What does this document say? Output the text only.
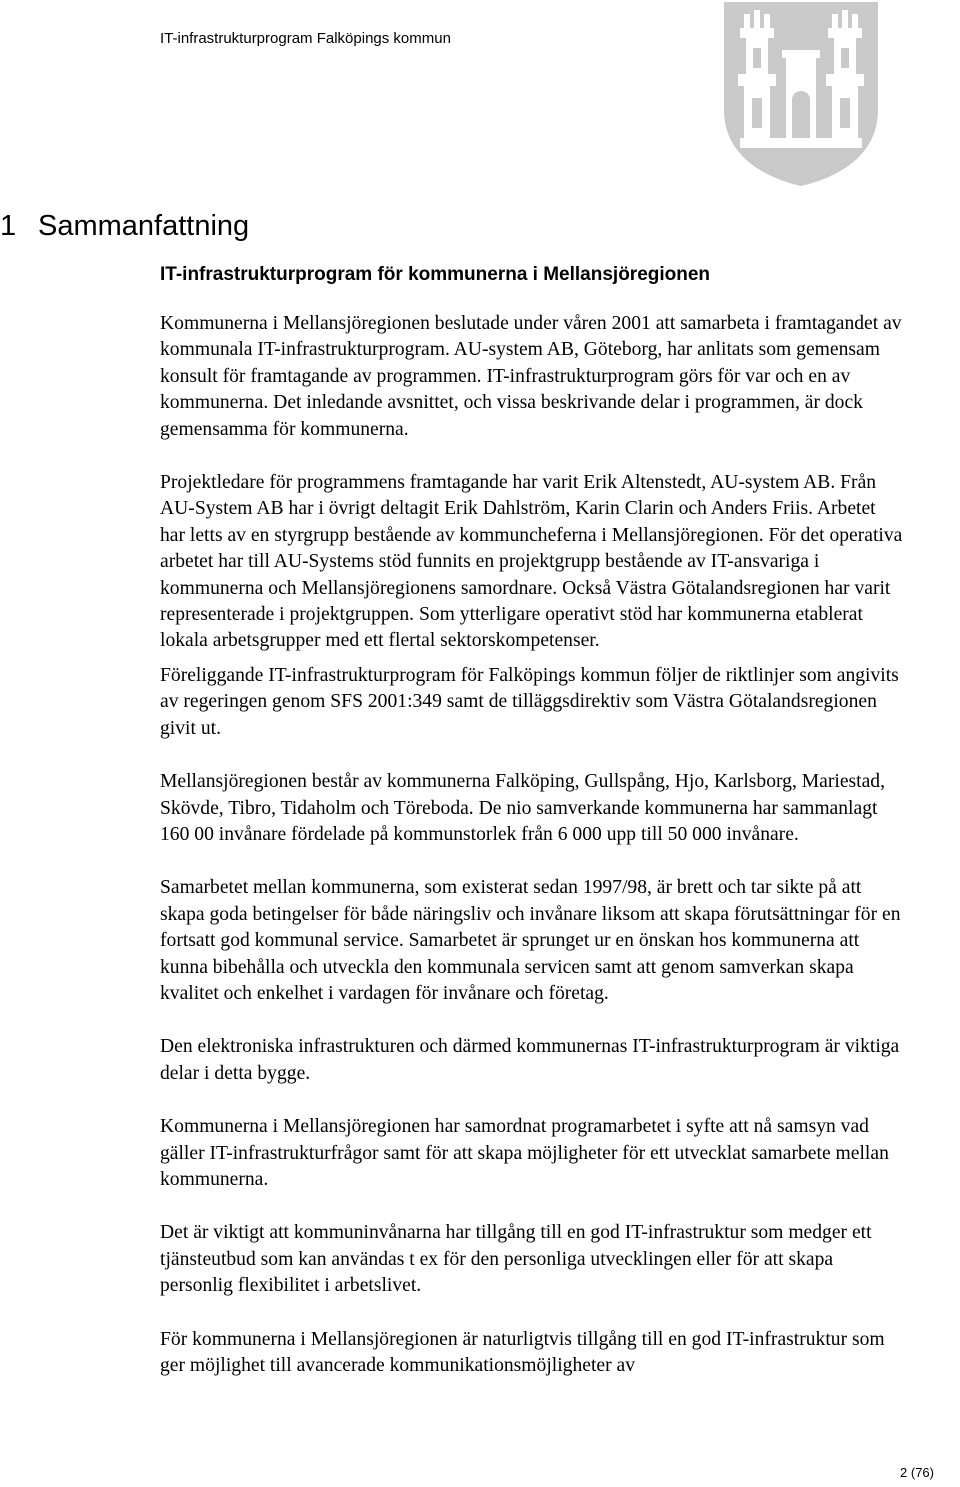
IT-infrastrukturprogram Falköpings kommun
1 Sammanfattning
IT-infrastrukturprogram för kommunerna i Mellansjöregionen

Kommunerna i Mellansjöregionen beslutade under våren 2001 att samarbeta i framtagandet av kommunala IT-infrastrukturprogram. AU-system AB, Göteborg, har anlitats som gemensam konsult för framtagande av programmen. IT-infrastrukturprogram görs för var och en av kommunerna. Det inledande avsnittet, och vissa beskrivande delar i programmen, är dock gemensamma för kommunerna.

Projektledare för programmens framtagande har varit Erik Altenstedt, AU-system AB. Från AU-System AB har i övrigt deltagit Erik Dahlström, Karin Clarin och Anders Friis. Arbetet har letts av en styrgrupp bestående av kommuncheferna i Mellansjöregionen. För det operativa arbetet har till AU-Systems stöd funnits en projektgrupp bestående av IT-ansvariga i kommunerna och Mellansjöregionens samordnare. Också Västra Götalandsregionen har varit representerade i projektgruppen. Som ytterligare operativt stöd har kommunerna etablerat lokala arbetsgrupper med ett flertal sektorskompetenser.

Föreliggande IT-infrastrukturprogram för Falköpings kommun följer de riktlinjer som angivits av regeringen genom SFS 2001:349 samt de tilläggsdirektiv som Västra Götalandsregionen givit ut.

Mellansjöregionen består av kommunerna Falköping, Gullspång, Hjo, Karlsborg, Mariestad, Skövde, Tibro, Tidaholm och Töreboda. De nio samverkande kommunerna har sammanlagt 160 00 invånare fördelade på kommunstorlek från 6 000 upp till 50 000 invånare.

Samarbetet mellan kommunerna, som existerat sedan 1997/98, är brett och tar sikte på att skapa goda betingelser för både näringsliv och invånare liksom att skapa förutsättningar för en fortsatt god kommunal service. Samarbetet är sprunget ur en önskan hos kommunerna att kunna bibehålla och utveckla den kommunala servicen samt att genom samverkan skapa kvalitet och enkelhet i vardagen för invånare och företag.

Den elektroniska infrastrukturen och därmed kommunernas IT-infrastrukturprogram är viktiga delar i detta bygge.

Kommunerna i Mellansjöregionen har samordnat programarbetet i syfte att nå samsyn vad gäller IT-infrastrukturfrågor samt för att skapa möjligheter för ett utvecklat samarbete mellan kommunerna.

Det är viktigt att kommuninvånarna har tillgång till en god IT-infrastruktur som medger ett tjänsteutbud som kan användas t ex för den personliga utvecklingen eller för att skapa personlig flexibilitet i arbetslivet.

För kommunerna i Mellansjöregionen är naturligtvis tillgång till en god IT-infrastruktur som ger möjlighet till avancerade kommunikationsmöjligheter av

2 (76)
